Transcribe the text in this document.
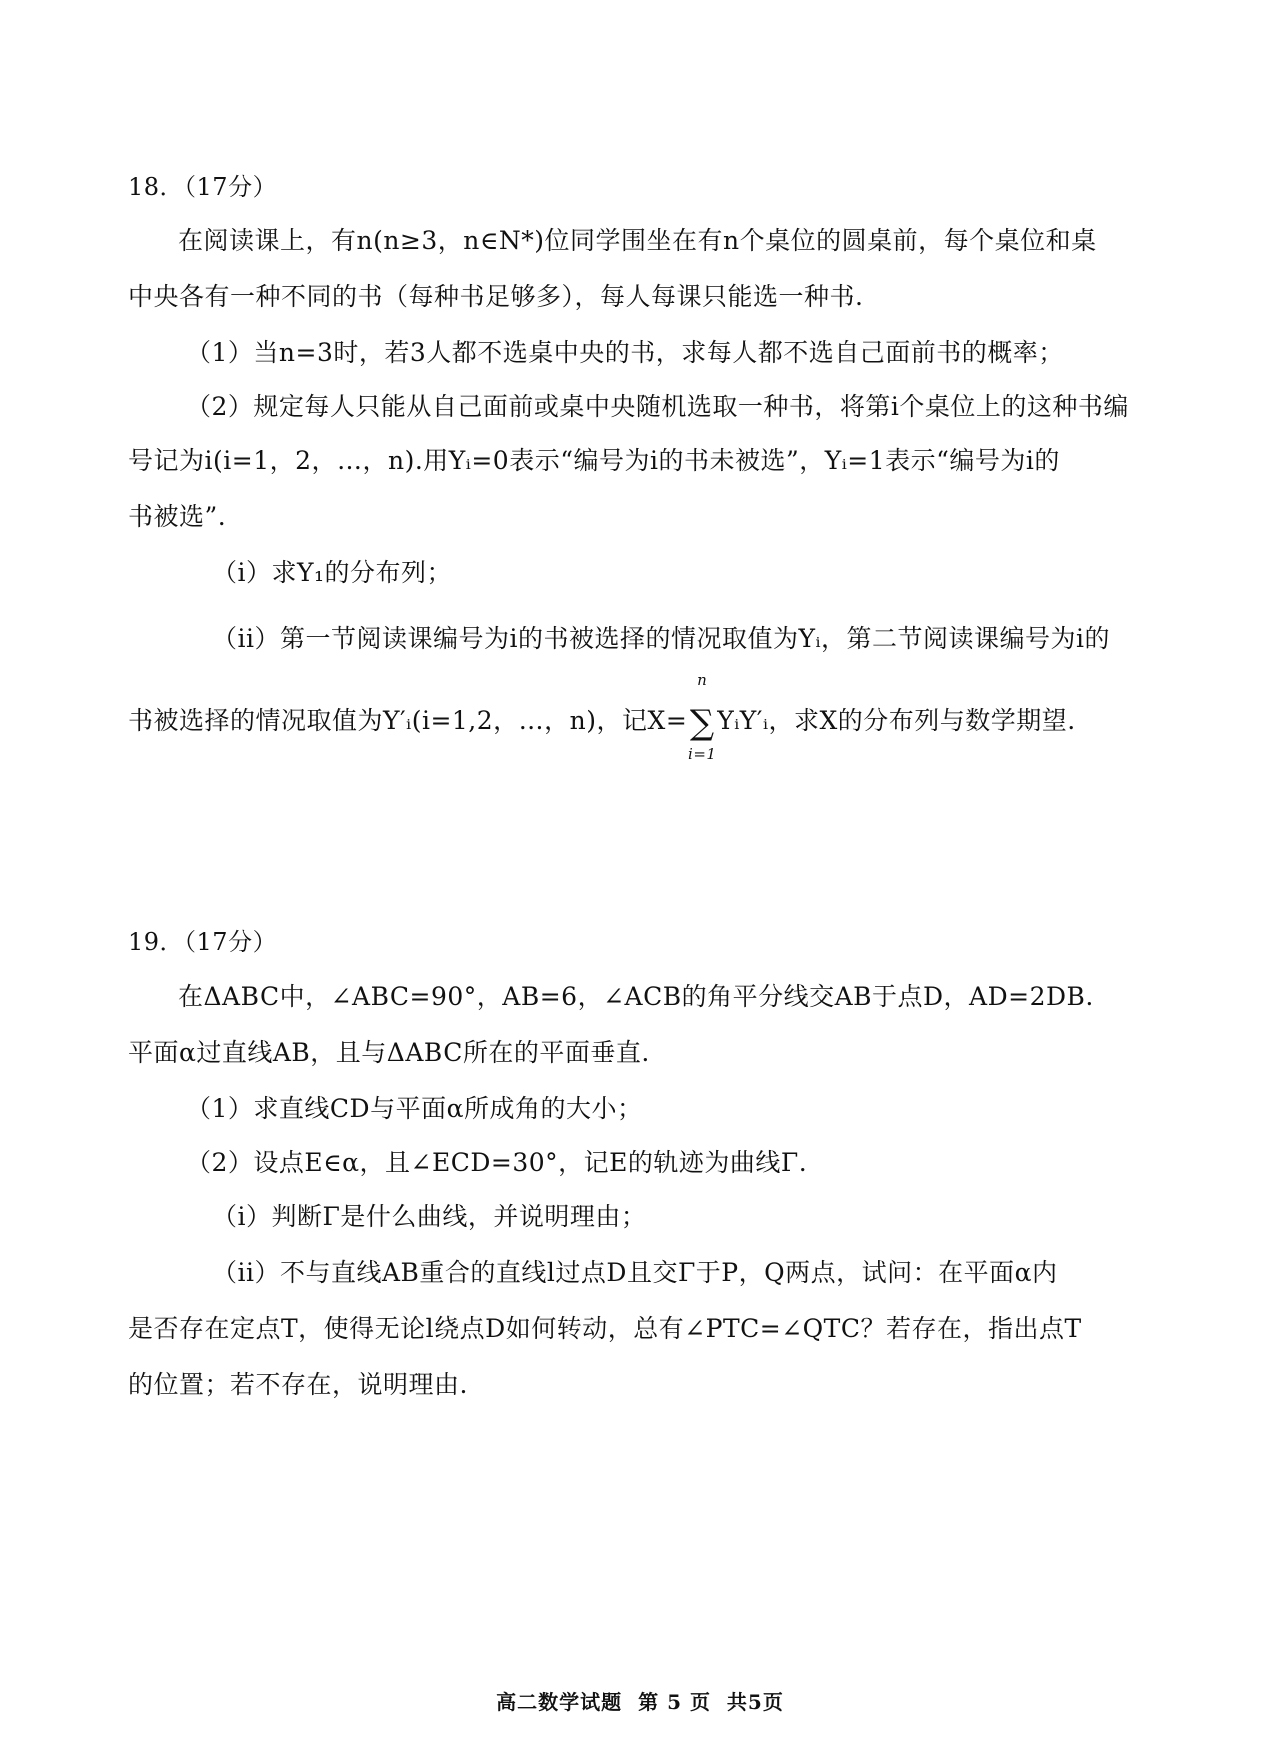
18．（17分）
在阅读课上，有n(n≥3，n∈N*)位同学围坐在有n个桌位的圆桌前，每个桌位和桌
中央各有一种不同的书（每种书足够多），每人每课只能选一种书.
（1）当n=3时，若3人都不选桌中央的书，求每人都不选自己面前书的概率；
（2）规定每人只能从自己面前或桌中央随机选取一种书，将第i个桌位上的这种书编
号记为i(i=1，2，…，n).用Yᵢ=0表示“编号为i的书未被选”，Yᵢ=1表示“编号为i的
书被选”.
（i）求Y₁的分布列；
（ii）第一节阅读课编号为i的书被选择的情况取值为Yᵢ，第二节阅读课编号为i的
书被选择的情况取值为Y′ᵢ(i=1,2，…，n)，记X=
n
∑
i=1
YᵢY′ᵢ，求X的分布列与数学期望.
19．（17分）
在ΔABC中，∠ABC=90°，AB=6，∠ACB的角平分线交AB于点D，AD=2DB.
平面α过直线AB，且与ΔABC所在的平面垂直.
（1）求直线CD与平面α所成角的大小；
（2）设点E∈α，且∠ECD=30°，记E的轨迹为曲线Γ.
（i）判断Γ是什么曲线，并说明理由；
（ii）不与直线AB重合的直线l过点D且交Γ于P，Q两点，试问：在平面α内
是否存在定点T，使得无论l绕点D如何转动，总有∠PTC=∠QTC？若存在，指出点T
的位置；若不存在，说明理由.
高二数学试题 第 5 页 共5页
